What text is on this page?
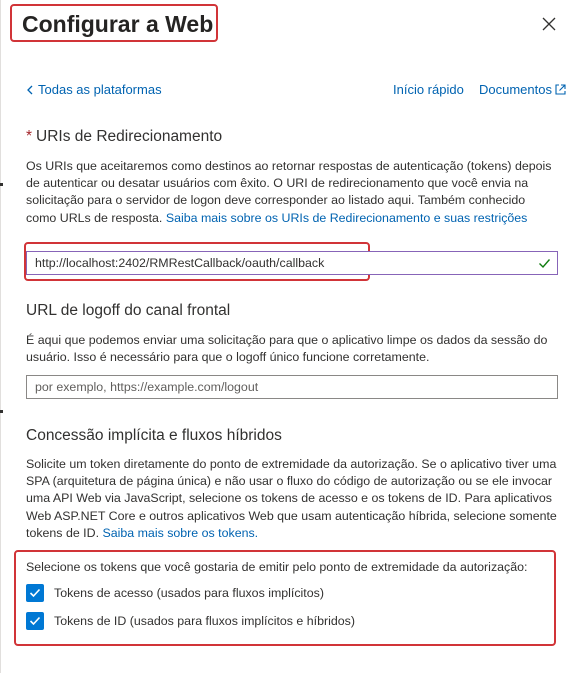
Configurar a Web
Todas as plataformas	Início rápido Documentos
* URIs de Redirecionamento

Os URIs que aceitaremos como destinos ao retornar respostas de autenticação (tokens) depois de autenticar ou desatar usuários com êxito. O URI de redirecionamento que você envia na solicitação para o servidor de logon deve corresponder ao listado aqui. Também conhecido como URLs de resposta. Saiba mais sobre os URIs de Redirecionamento e suas restrições

http://localhost:2402/RMRestCallback/oauth/callback
URL de logoff do canal frontal

É aqui que podemos enviar uma solicitação para que o aplicativo limpe os dados da sessão do usuário. Isso é necessário para que o logoff único funcione corretamente.

por exemplo, https://example.com/logout
Concessão implícita e fluxos híbridos

Solicite um token diretamente do ponto de extremidade da autorização. Se o aplicativo tiver uma SPA (arquitetura de página única) e não usar o fluxo do código de autorização ou se ele invocar uma API Web via JavaScript, selecione os tokens de acesso e os tokens de ID. Para aplicativos Web ASP.NET Core e outros aplicativos Web que usam autenticação híbrida, selecione somente tokens de ID. Saiba mais sobre os tokens.

Selecione os tokens que você gostaria de emitir pelo ponto de extremidade da autorização:
Tokens de acesso (usados para fluxos implícitos)
Tokens de ID (usados para fluxos implícitos e híbridos)
